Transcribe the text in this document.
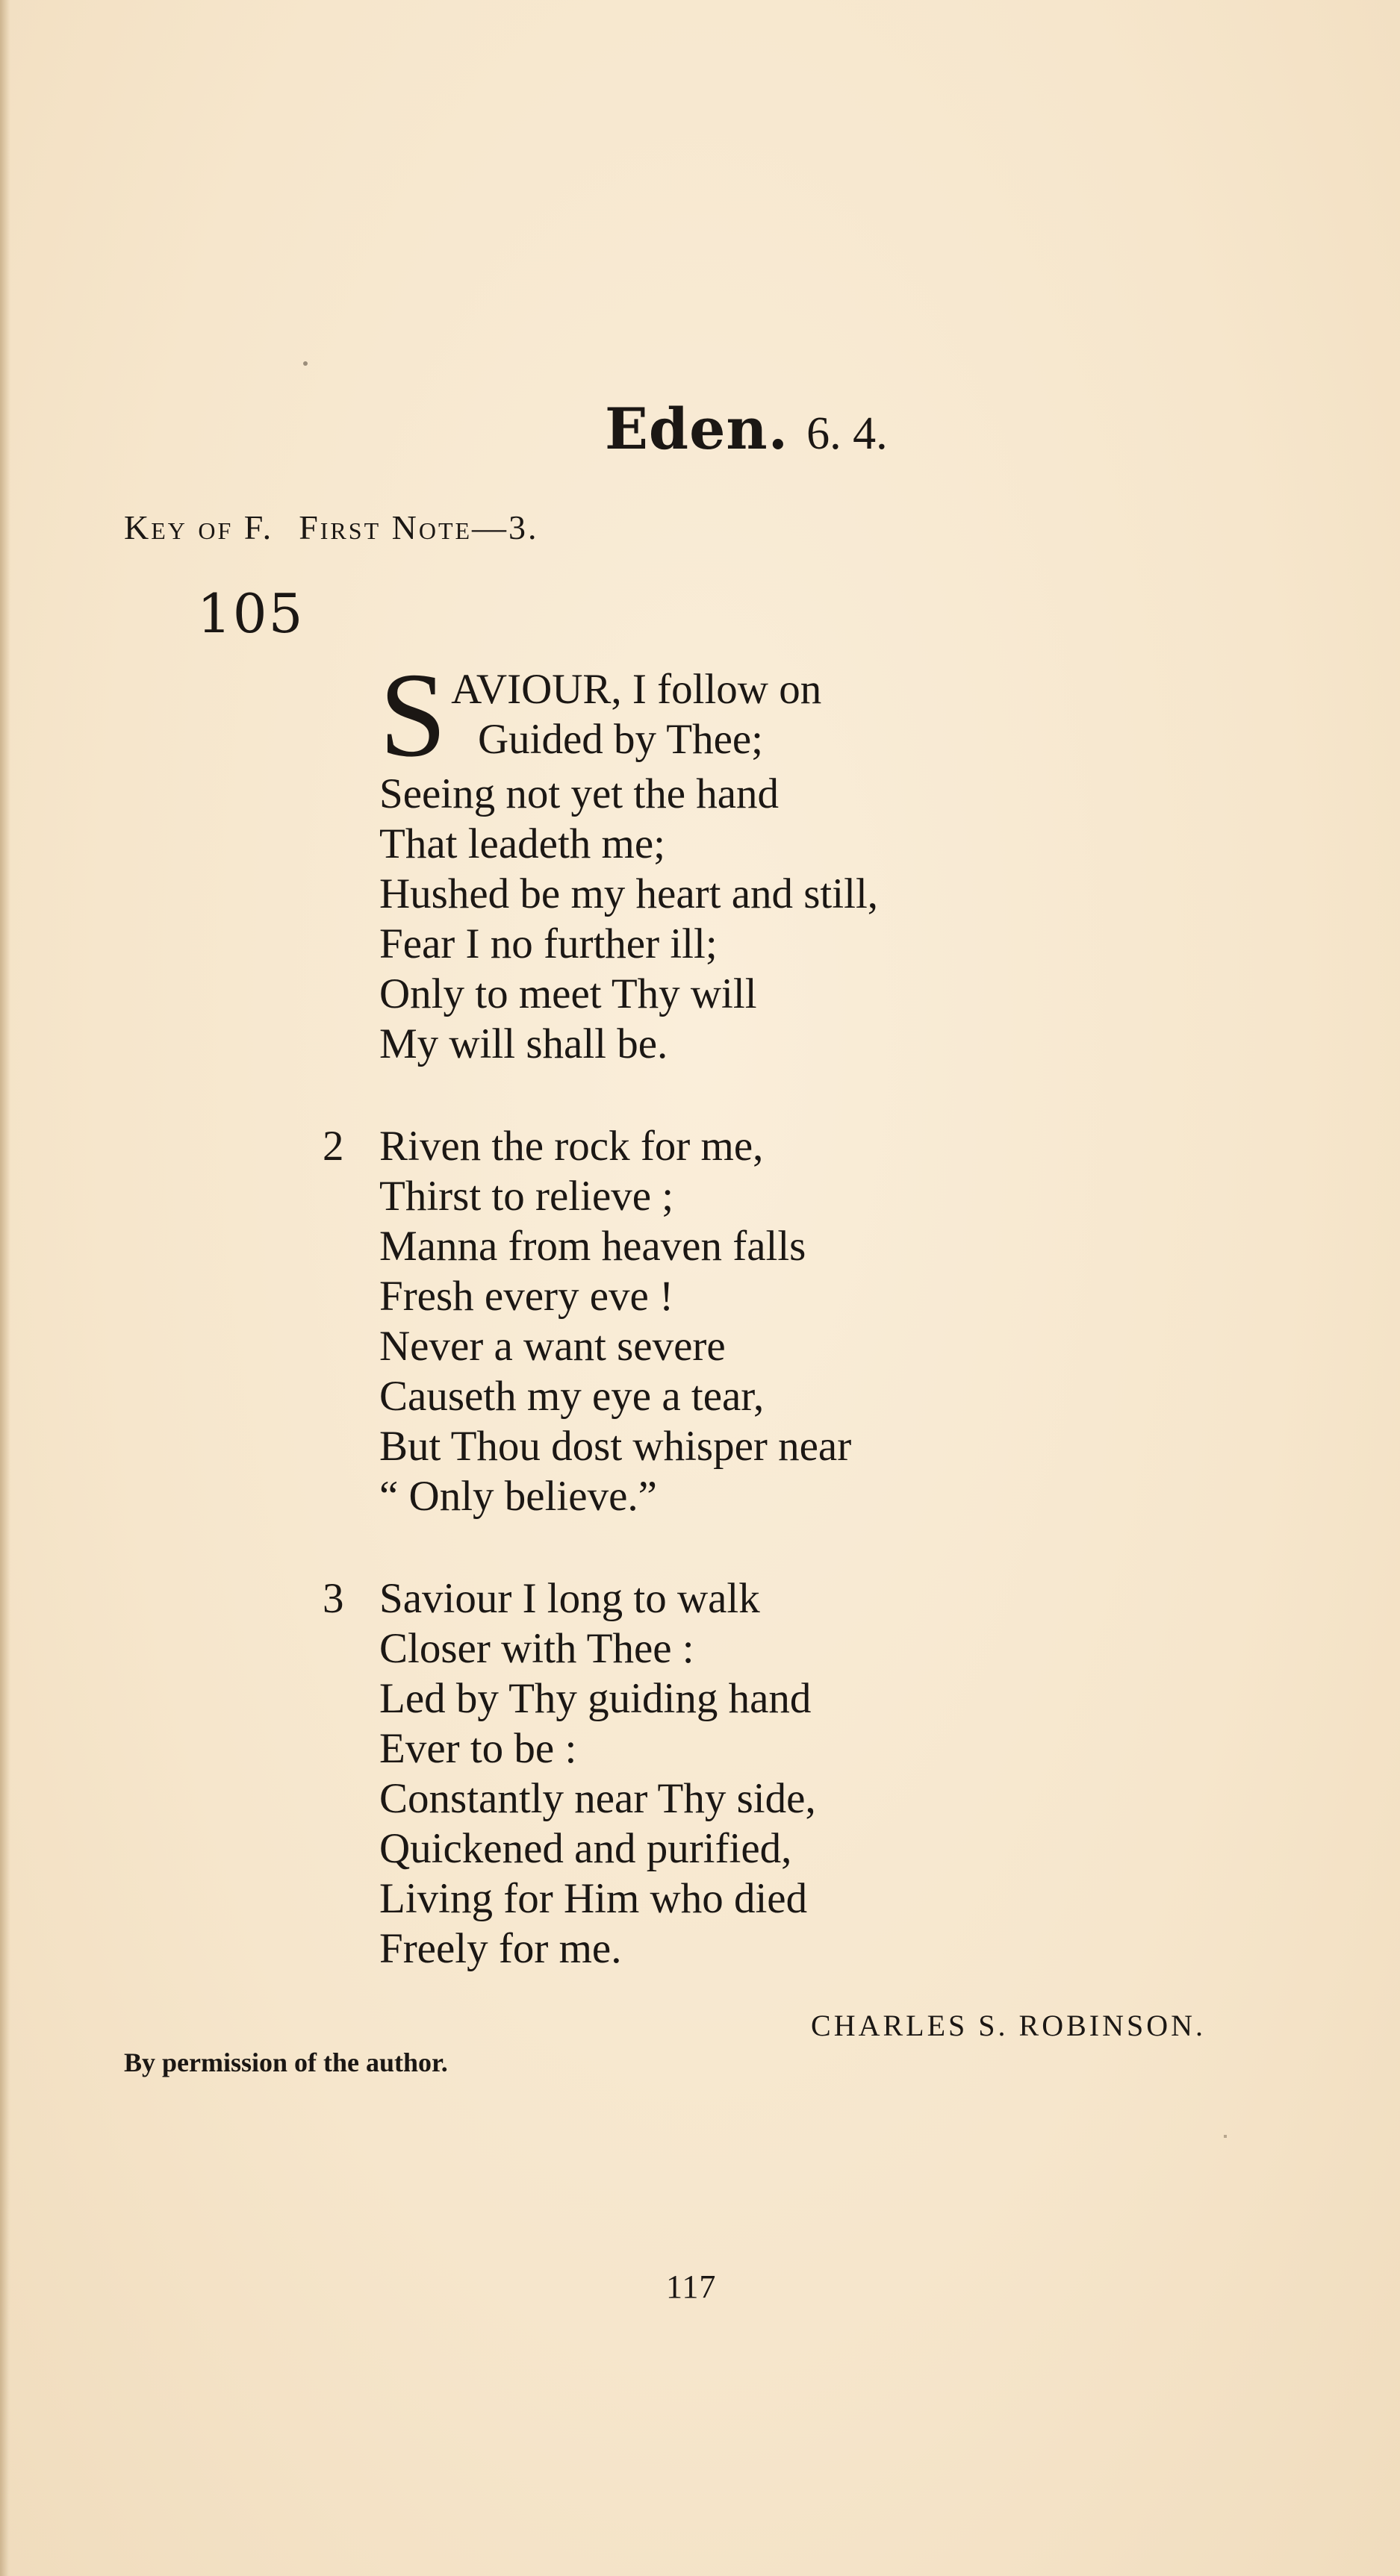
Eden. 6. 4.
Key of F. First Note—3.
105
S AVIOUR, I follow on
Guided by Thee;
Seeing not yet the hand
That leadeth me;
Hushed be my heart and still,
Fear I no further ill;
Only to meet Thy will
My will shall be.
2 Riven the rock for me,
Thirst to relieve ;
Manna from heaven falls
Fresh every eve !
Never a want severe
Causeth my eye a tear,
But Thou dost whisper near
“ Only believe.”
3 Saviour I long to walk
Closer with Thee :
Led by Thy guiding hand
Ever to be :
Constantly near Thy side,
Quickened and purified,
Living for Him who died
Freely for me.
CHARLES S. ROBINSON.
By permission of the author.
117
